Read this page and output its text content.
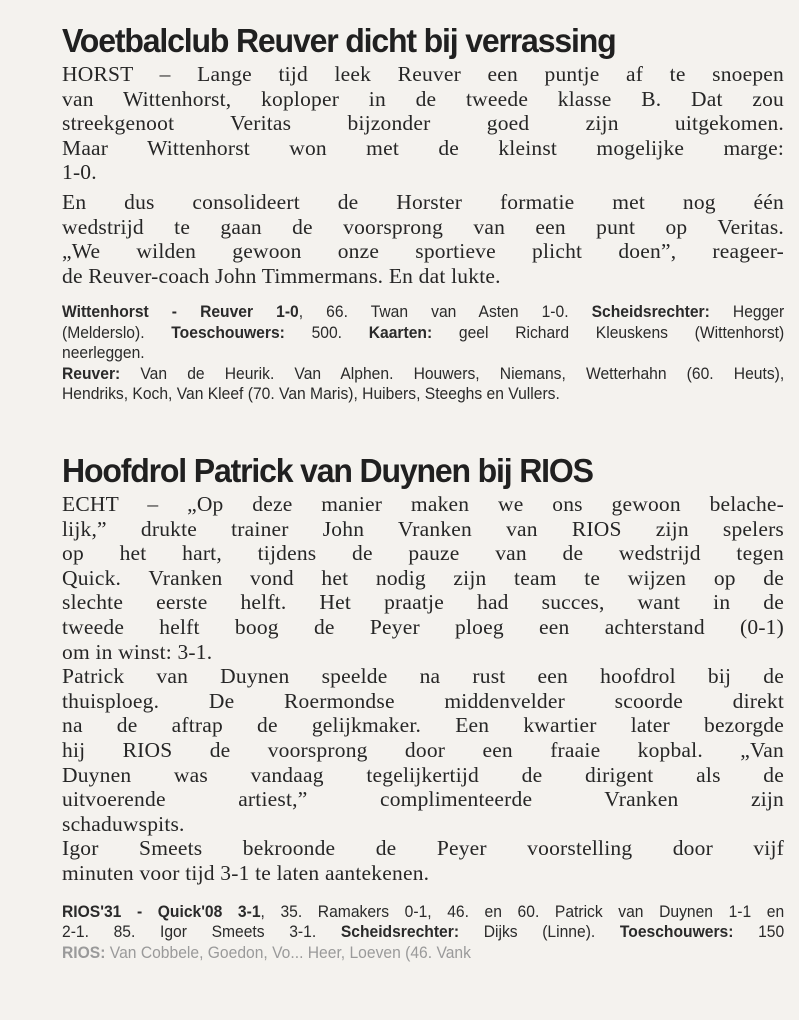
Voetbalclub Reuver dicht bij verrassing
HORST – Lange tijd leek Reuver een puntje af te snoepen
van Wittenhorst, koploper in de tweede klasse B. Dat zou
streekgenoot Veritas bijzonder goed zijn uitgekomen.
Maar Wittenhorst won met de kleinst mogelijke marge:
1-0.
En dus consolideert de Horster formatie met nog één
wedstrijd te gaan de voorsprong van een punt op Veritas.
„We wilden gewoon onze sportieve plicht doen”, reageer-
de Reuver-coach John Timmermans. En dat lukte.
Wittenhorst - Reuver 1-0, 66. Twan van Asten 1-0. Scheidsrechter: Hegger
(Melderslo). Toeschouwers: 500. Kaarten: geel Richard Kleuskens (Wittenhorst)
neerleggen.
Reuver: Van de Heurik. Van Alphen. Houwers, Niemans, Wetterhahn (60. Heuts),
Hendriks, Koch, Van Kleef (70. Van Maris), Huibers, Steeghs en Vullers.
Hoofdrol Patrick van Duynen bij RIOS
ECHT – „Op deze manier maken we ons gewoon belache-
lijk,” drukte trainer John Vranken van RIOS zijn spelers
op het hart, tijdens de pauze van de wedstrijd tegen
Quick. Vranken vond het nodig zijn team te wijzen op de
slechte eerste helft. Het praatje had succes, want in de
tweede helft boog de Peyer ploeg een achterstand (0-1)
om in winst: 3-1.
Patrick van Duynen speelde na rust een hoofdrol bij de
thuisploeg. De Roermondse middenvelder scoorde direkt
na de aftrap de gelijkmaker. Een kwartier later bezorgde
hij RIOS de voorsprong door een fraaie kopbal. „Van
Duynen was vandaag tegelijkertijd de dirigent als de
uitvoerende artiest,” complimenteerde Vranken zijn
schaduwspits.
Igor Smeets bekroonde de Peyer voorstelling door vijf
minuten voor tijd 3-1 te laten aantekenen.
RIOS'31 - Quick'08 3-1, 35. Ramakers 0-1, 46. en 60. Patrick van Duynen 1-1 en
2-1. 85. Igor Smeets 3-1. Scheidsrechter: Dijks (Linne). Toeschouwers: 150
RIOS: Van Cobbele, Goedon, Vo... Heer, Loeven (46. Vank
